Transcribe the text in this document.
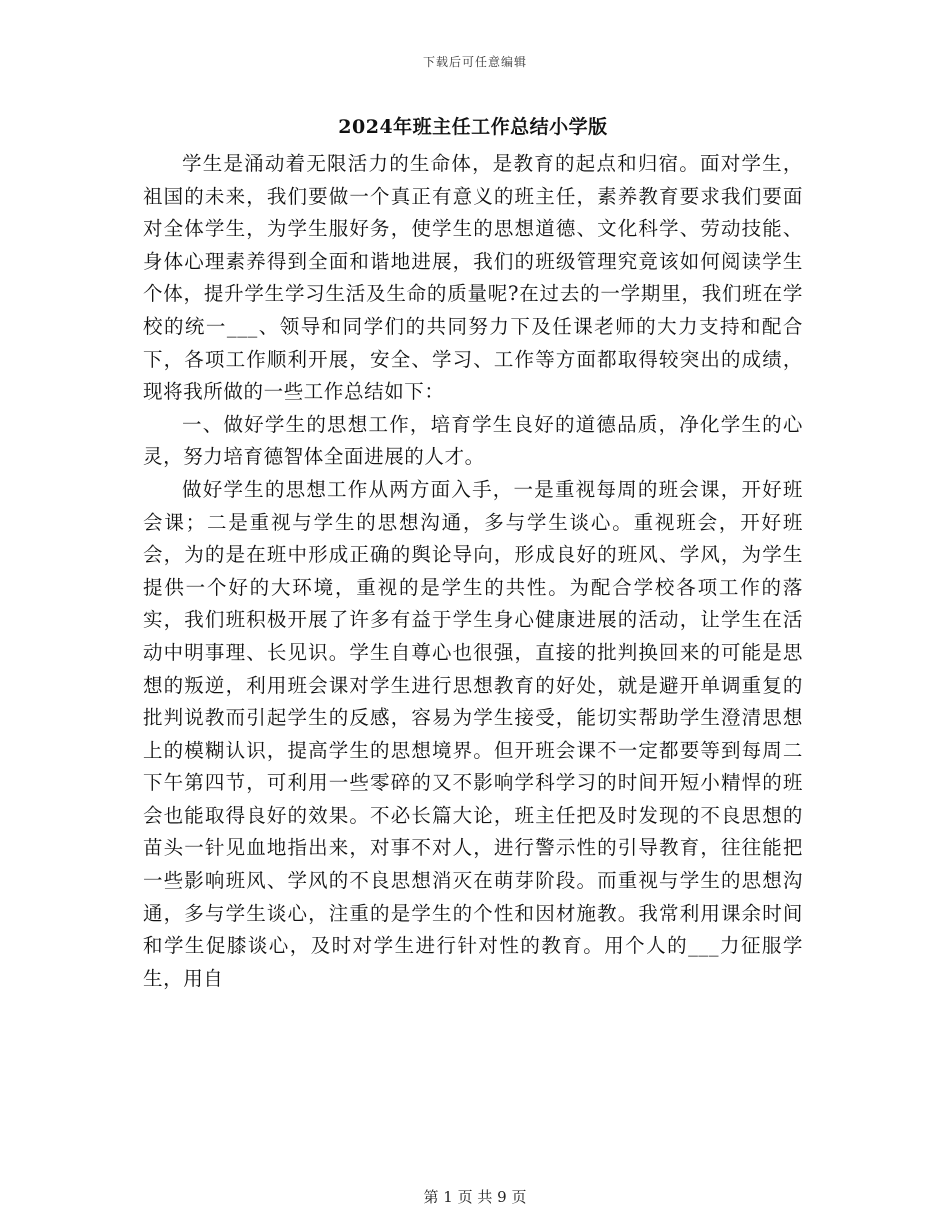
下载后可任意编辑
2024年班主任工作总结小学版

学生是涌动着无限活力的生命体，是教育的起点和归宿。面对学生，祖国的未来，我们要做一个真正有意义的班主任，素养教育要求我们要面对全体学生，为学生服好务，使学生的思想道德、文化科学、劳动技能、身体心理素养得到全面和谐地进展，我们的班级管理究竟该如何阅读学生个体，提升学生学习生活及生命的质量呢?在过去的一学期里，我们班在学校的统一___、领导和同学们的共同努力下及任课老师的大力支持和配合下，各项工作顺利开展，安全、学习、工作等方面都取得较突出的成绩，现将我所做的一些工作总结如下：

一、做好学生的思想工作，培育学生良好的道德品质，净化学生的心灵，努力培育德智体全面进展的人才。

做好学生的思想工作从两方面入手，一是重视每周的班会课，开好班会课；二是重视与学生的思想沟通，多与学生谈心。重视班会，开好班会，为的是在班中形成正确的舆论导向，形成良好的班风、学风，为学生提供一个好的大环境，重视的是学生的共性。为配合学校各项工作的落实，我们班积极开展了许多有益于学生身心健康进展的活动，让学生在活动中明事理、长见识。学生自尊心也很强，直接的批判换回来的可能是思想的叛逆，利用班会课对学生进行思想教育的好处，就是避开单调重复的批判说教而引起学生的反感，容易为学生接受，能切实帮助学生澄清思想上的模糊认识，提高学生的思想境界。但开班会课不一定都要等到每周二下午第四节，可利用一些零碎的又不影响学科学习的时间开短小精悍的班会也能取得良好的效果。不必长篇大论，班主任把及时发现的不良思想的苗头一针见血地指出来，对事不对人，进行警示性的引导教育，往往能把一些影响班风、学风的不良思想消灭在萌芽阶段。而重视与学生的思想沟通，多与学生谈心，注重的是学生的个性和因材施教。我常利用课余时间和学生促膝谈心，及时对学生进行针对性的教育。用个人的___力征服学生，用自

第 1 页 共 9 页
